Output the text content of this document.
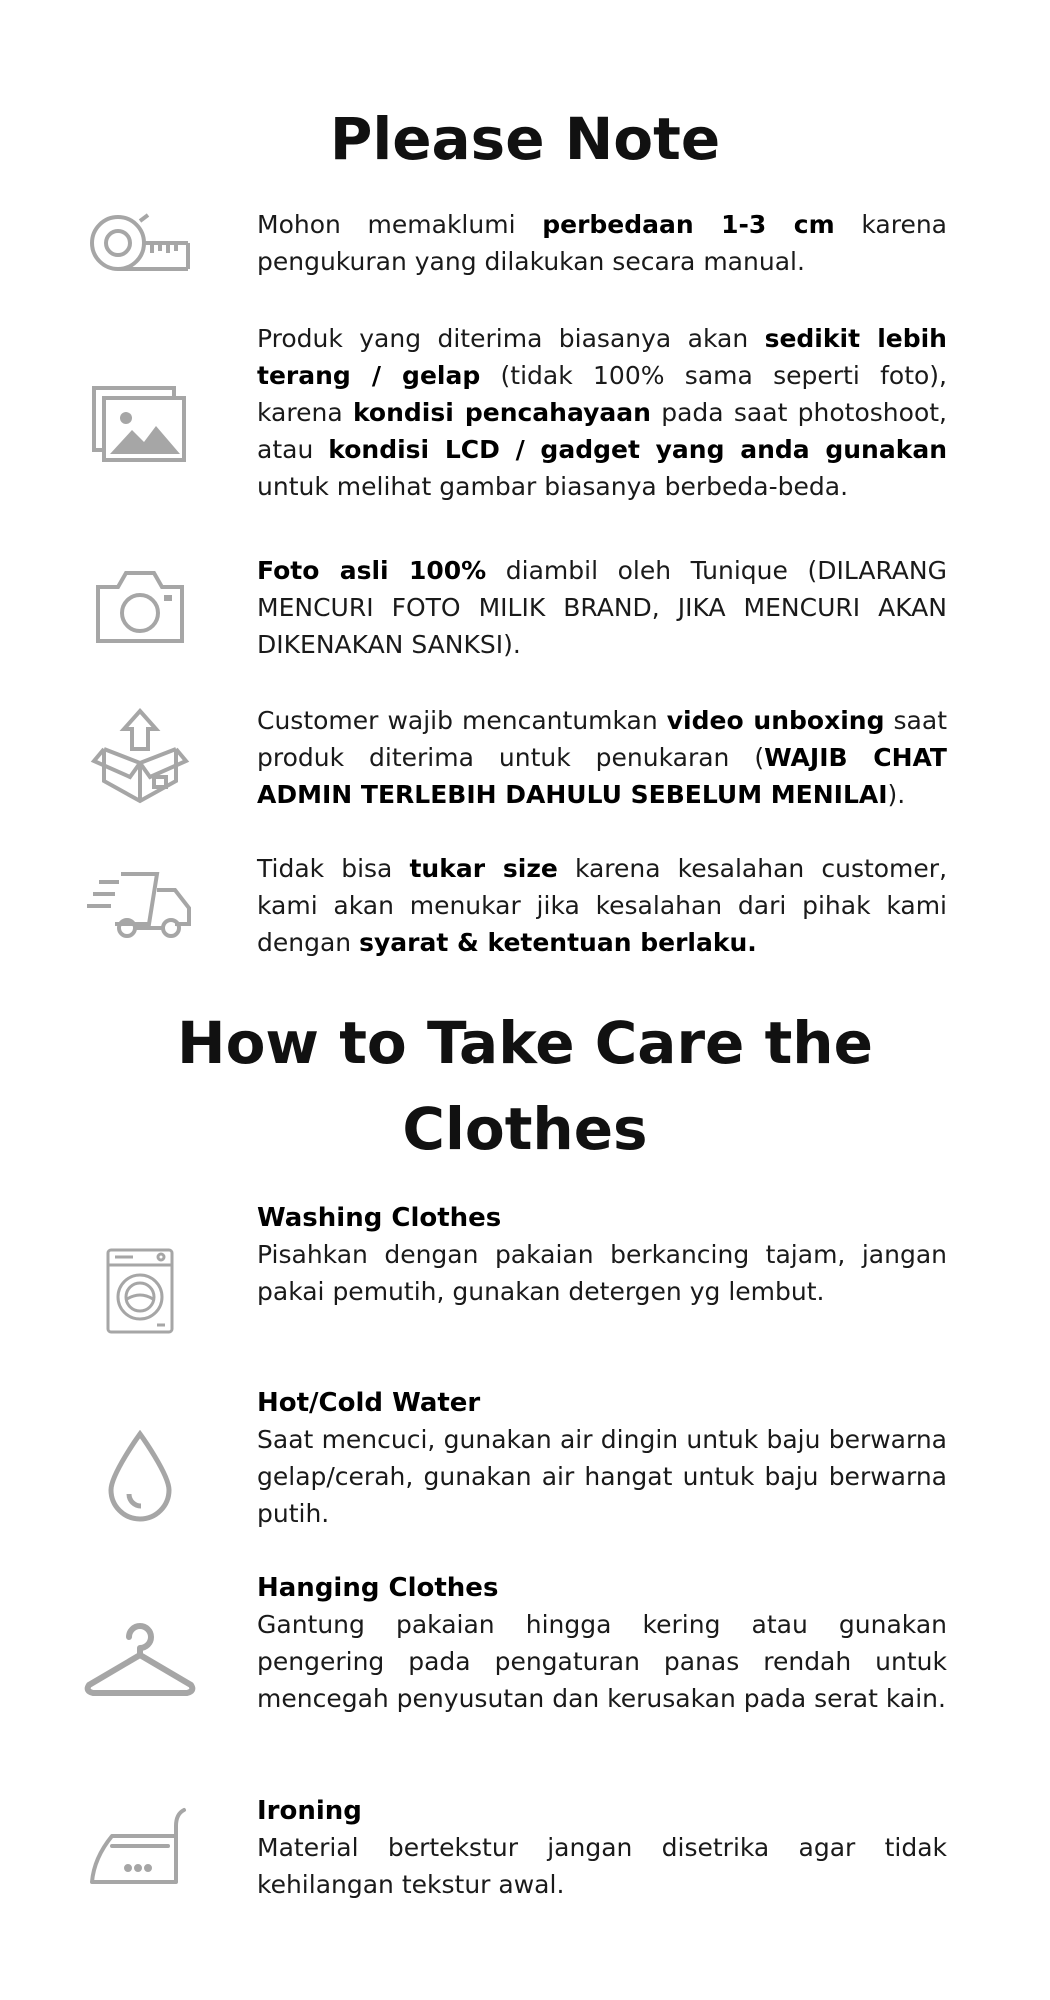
Please Note
Mohon memaklumi perbedaan 1-3 cm karena pengukuran yang dilakukan secara manual.
Produk yang diterima biasanya akan sedikit lebih terang / gelap (tidak 100% sama seperti foto), karena kondisi pencahayaan pada saat photoshoot, atau kondisi LCD / gadget yang anda gunakan untuk melihat gambar biasanya berbeda-beda.
Foto asli 100% diambil oleh Tunique (DILARANG MENCURI FOTO MILIK BRAND, JIKA MENCURI AKAN DIKENAKAN SANKSI).
Customer wajib mencantumkan video unboxing saat produk diterima untuk penukaran (WAJIB CHAT ADMIN TERLEBIH DAHULU SEBELUM MENILAI).
Tidak bisa tukar size karena kesalahan customer, kami akan menukar jika kesalahan dari pihak kami dengan syarat & ketentuan berlaku.
How to Take Care the Clothes
Washing Clothes
Pisahkan dengan pakaian berkancing tajam, jangan pakai pemutih, gunakan detergen yg lembut.
Hot/Cold Water
Saat mencuci, gunakan air dingin untuk baju berwarna gelap/cerah, gunakan air hangat untuk baju berwarna putih.
Hanging Clothes
Gantung pakaian hingga kering atau gunakan pengering pada pengaturan panas rendah untuk mencegah penyusutan dan kerusakan pada serat kain.
Ironing
Material bertekstur jangan disetrika agar tidak kehilangan tekstur awal.
